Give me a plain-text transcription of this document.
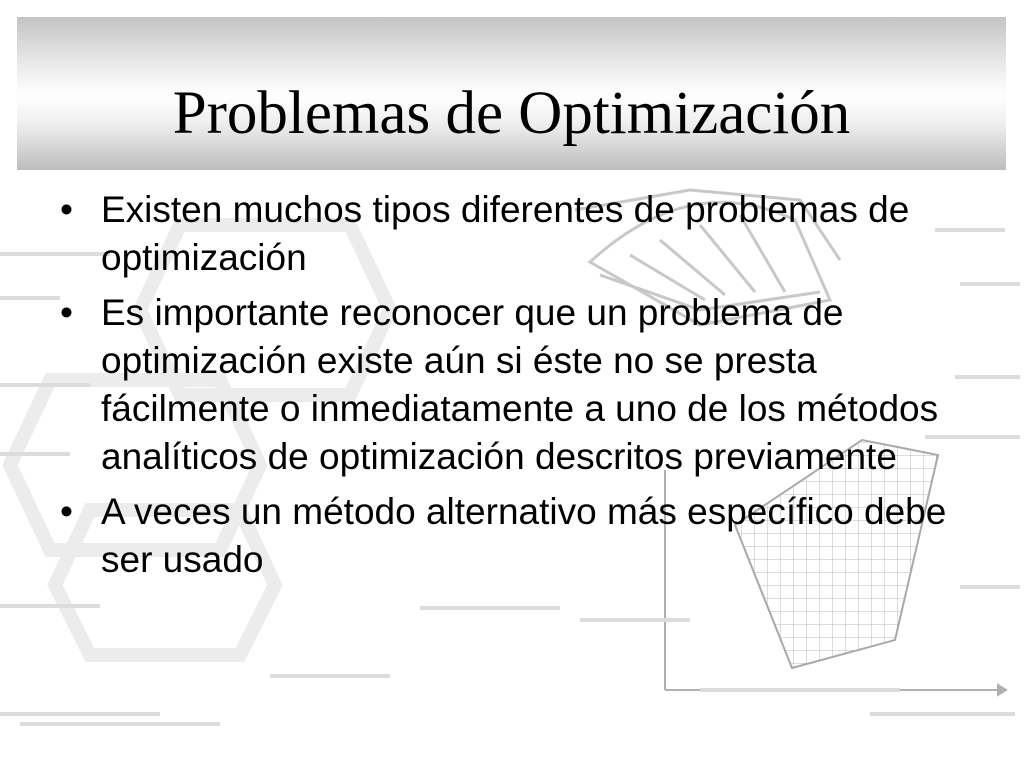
Problemas de Optimización
• Existen muchos tipos diferentes de problemas de optimización
• Es importante reconocer que un problema de optimización existe aún si éste no se presta fácilmente o inmediatamente a uno de los métodos analíticos de optimización descritos previamente
• A veces un método alternativo más específico debe ser usado
